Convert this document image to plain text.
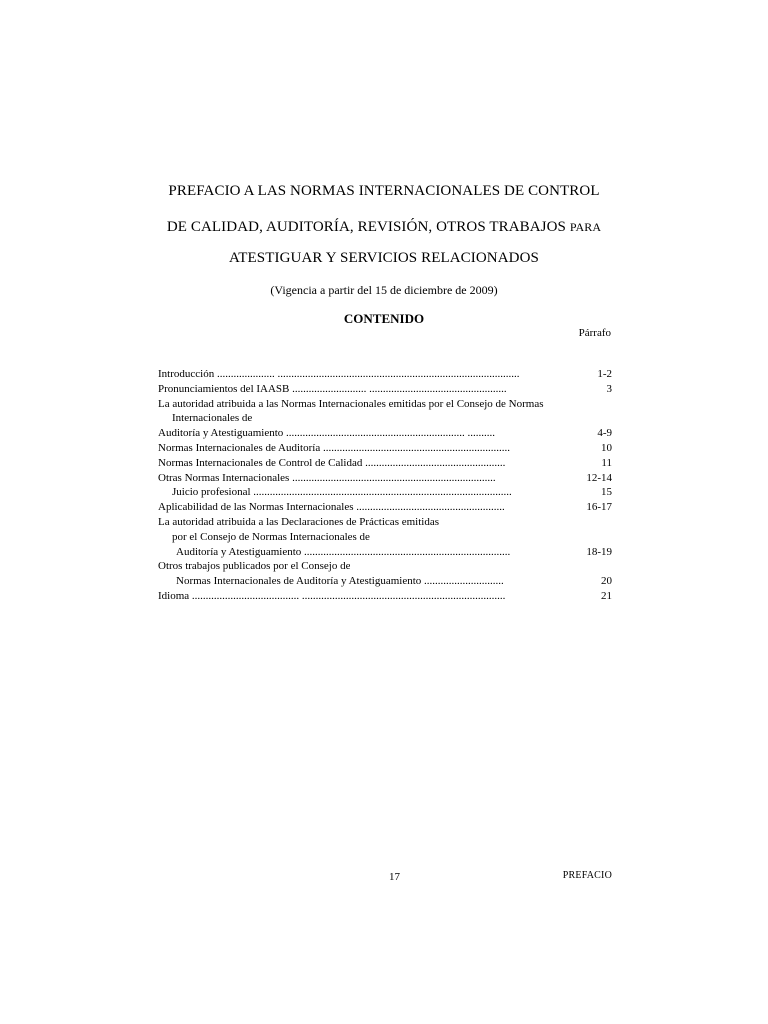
PREFACIO A LAS NORMAS INTERNACIONALES DE CONTROL
DE CALIDAD, AUDITORÍA, REVISIÓN, OTROS TRABAJOS PARA
ATESTIGUAR Y SERVICIOS RELACIONADOS
(Vigencia a partir del 15 de diciembre de 2009)
CONTENIDO
Párrafo
Introducción ..................... ........................................................................................	1-2
Pronunciamientos del IAASB ........................... ..................................................	3
La autoridad atribuida a las Normas Internacionales emitidas por el Consejo de Normas
Internacionales de
Auditoría y Atestiguamiento ................................................................. ..........	4-9
Normas Internacionales de Auditoría ....................................................................	10
Normas Internacionales de Control de Calidad ...................................................	11
Otras Normas Internacionales ..........................................................................	12-14
Juicio profesional ..............................................................................................	15
Aplicabilidad de las Normas Internacionales ......................................................	16-17
La autoridad atribuida a las Declaraciones de Prácticas emitidas
por el Consejo de Normas Internacionales de
Auditoría y Atestiguamiento ...........................................................................	18-19
Otros trabajos publicados por el Consejo de
Normas Internacionales de Auditoría y Atestiguamiento .............................	20
Idioma ....................................... ..........................................................................	21
17	PREFACIO
